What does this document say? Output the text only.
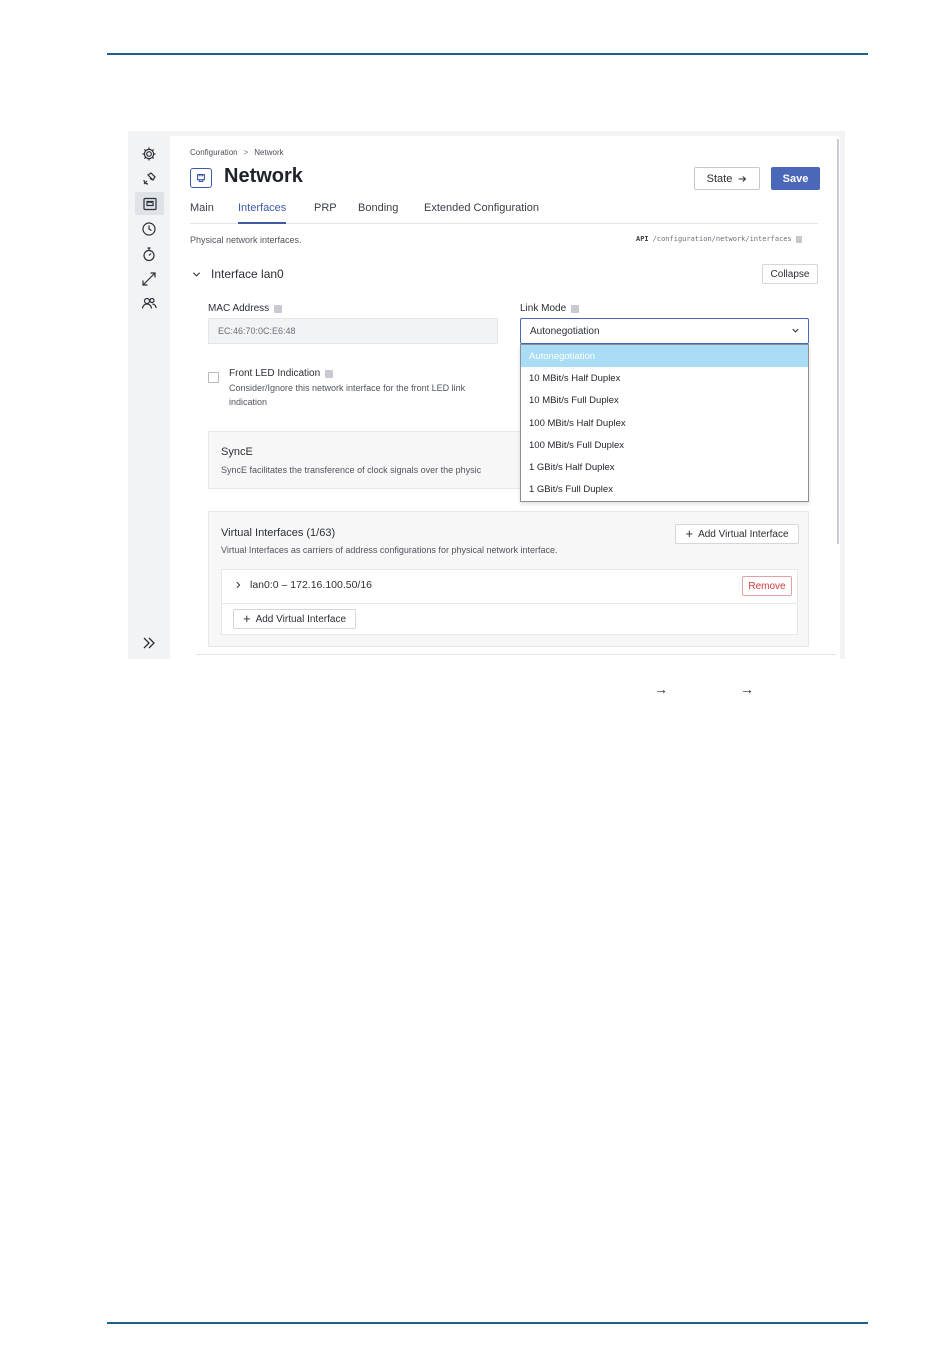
Configuration > Network
Network	State	Save
Main Interfaces	PRP Bonding Extended Configuration
Physical network interfaces.	API /configuration/network/interfaces
Interface lan0	Collapse
MAC Address
EC:46:70:0C:E6:48
Link Mode
Autonegotiation
Autonegotiation
10 MBit/s Half Duplex
10 MBit/s Full Duplex
100 MBit/s Half Duplex
100 MBit/s Full Duplex
1 GBit/s Half Duplex
1 GBit/s Full Duplex
Front LED Indication
Consider/Ignore this network interface for the front LED link indication
SyncE
SyncE facilitates the transference of clock signals over the physic
Virtual Interfaces (1/63)
Virtual Interfaces as carriers of address configurations for physical network interface.
+ Add Virtual Interface
lan0:0 – 172.16.100.50/16	Remove
+ Add Virtual Interface
→	→
